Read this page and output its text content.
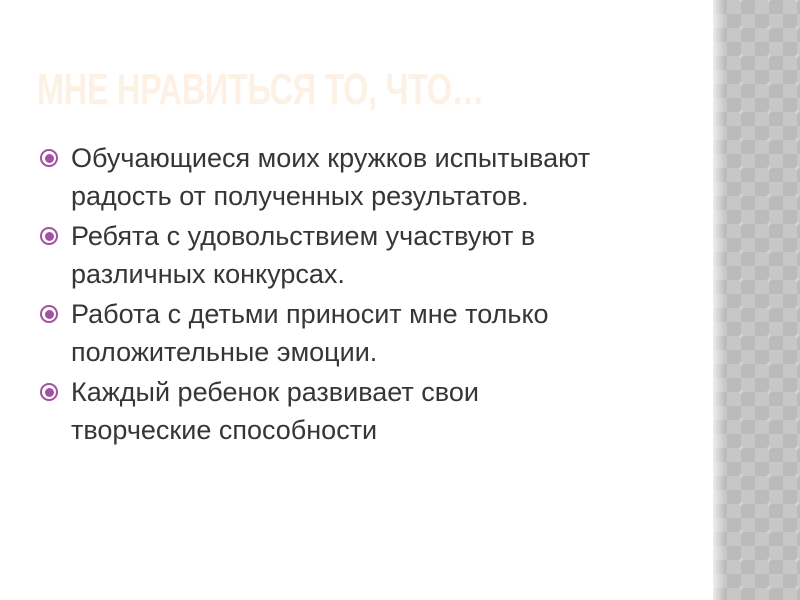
МНЕ НРАВИТЬСЯ ТО, ЧТО…
Обучающиеся моих кружков испытывают
радость от полученных результатов.
Ребята с удовольствием участвуют в
различных конкурсах.
Работа с детьми приносит мне только
положительные эмоции.
Каждый ребенок развивает свои
творческие способности
